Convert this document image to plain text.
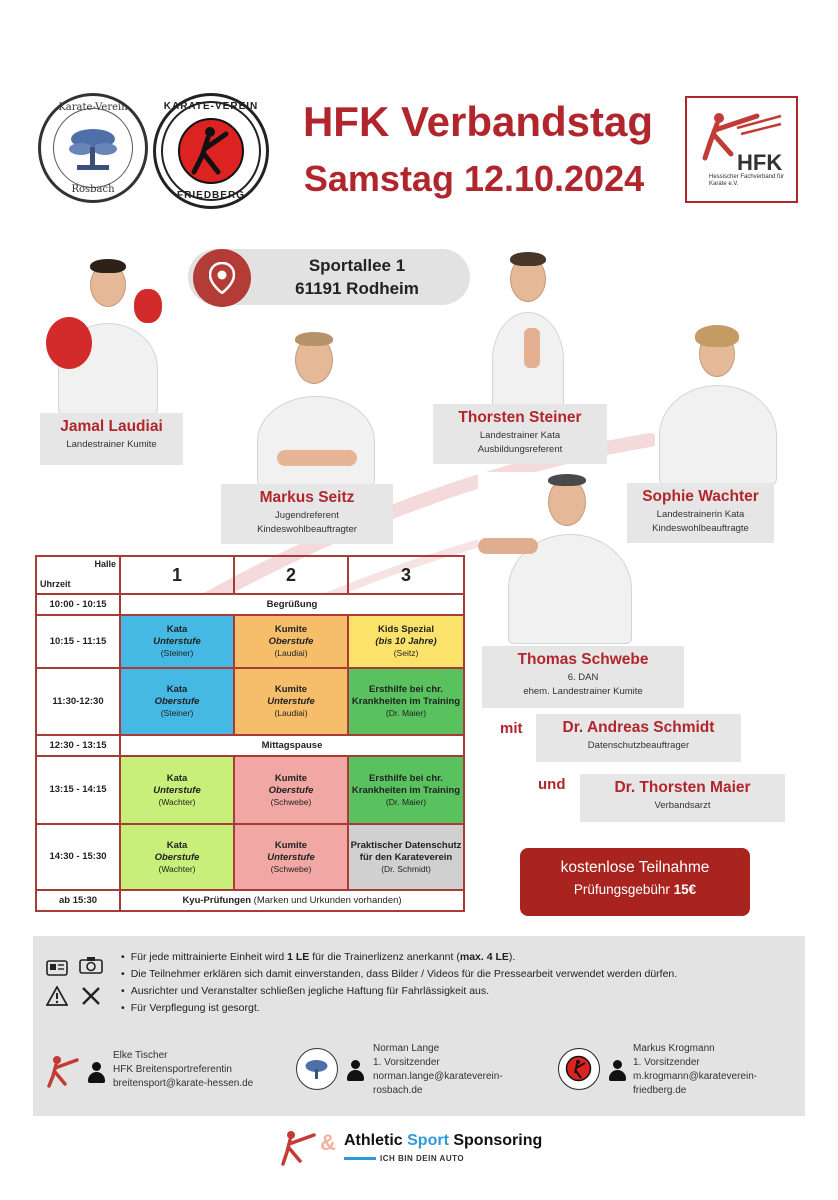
Karate-Verein
Rosbach
KARATE-VEREIN
FRIEDBERG
HFK Verbandstag
Samstag 12.10.2024	HFK
Hessischer Fachverband für Karate e.V.
Sportallee 1
61191 Rodheim
Jamal Laudiai
Landestrainer Kumite
Markus Seitz
Jugendreferent
Kindeswohlbeauftragter
Thorsten Steiner
Landestrainer Kata
Ausbildungsreferent
Sophie Wachter
Landestrainerin Kata
Kindeswohlbeauftragte
Thomas Schwebe
6. DAN
ehem. Landestrainer Kumite
mit	Dr. Andreas Schmidt
Datenschutzbeauftrager
und	Dr. Thorsten Maier
Verbandsarzt
Halle
Uhrzeit	1	2	3
10:00 - 10:15	Begrüßung		
10:15 - 11:15	Kata
Unterstufe
(Steiner)	Kumite
Oberstufe
(Laudiai)	Kids Spezial
(bis 10 Jahre)
(Seitz)

11:30-12:30	Kata
Oberstufe
(Steiner)	Kumite
Unterstufe
(Laudiai)	Ersthilfe bei chr. Krankheiten im Training
(Dr. Maier)

12:30 - 13:15	Mittagspause		
13:15 - 14:15	Kata
Unterstufe
(Wachter)	Kumite
Oberstufe
(Schwebe)	Ersthilfe bei chr. Krankheiten im Training
(Dr. Maier)

14:30 - 15:30	Kata
Oberstufe
(Wachter)	Kumite
Unterstufe
(Schwebe)	Praktischer Datenschutz für den Karateverein
(Dr. Schmidt)

ab 15:30	Kyu-Prüfungen (Marken und Urkunden vorhanden)		
kostenlose Teilnahme
Prüfungsgebühr 15€
• Für jede mittrainierte Einheit wird 1 LE für die Trainerlizenz anerkannt (max. 4 LE).
• Die Teilnehmer erklären sich damit einverstanden, dass Bilder / Videos für die Pressearbeit verwendet werden dürfen.
• Ausrichter und Veranstalter schließen jegliche Haftung für Fahrlässigkeit aus.
• Für Verpflegung ist gesorgt.
Elke Tischer
HFK Breitensportreferentin
breitensport@karate-hessen.de
Norman Lange
1. Vorsitzender
norman.lange@karateverein-
rosbach.de
Markus Krogmann
1. Vorsitzender
m.krogmann@karateverein-
friedberg.de
& Athletic Sport Sponsoring
ICH BIN DEIN AUTO
